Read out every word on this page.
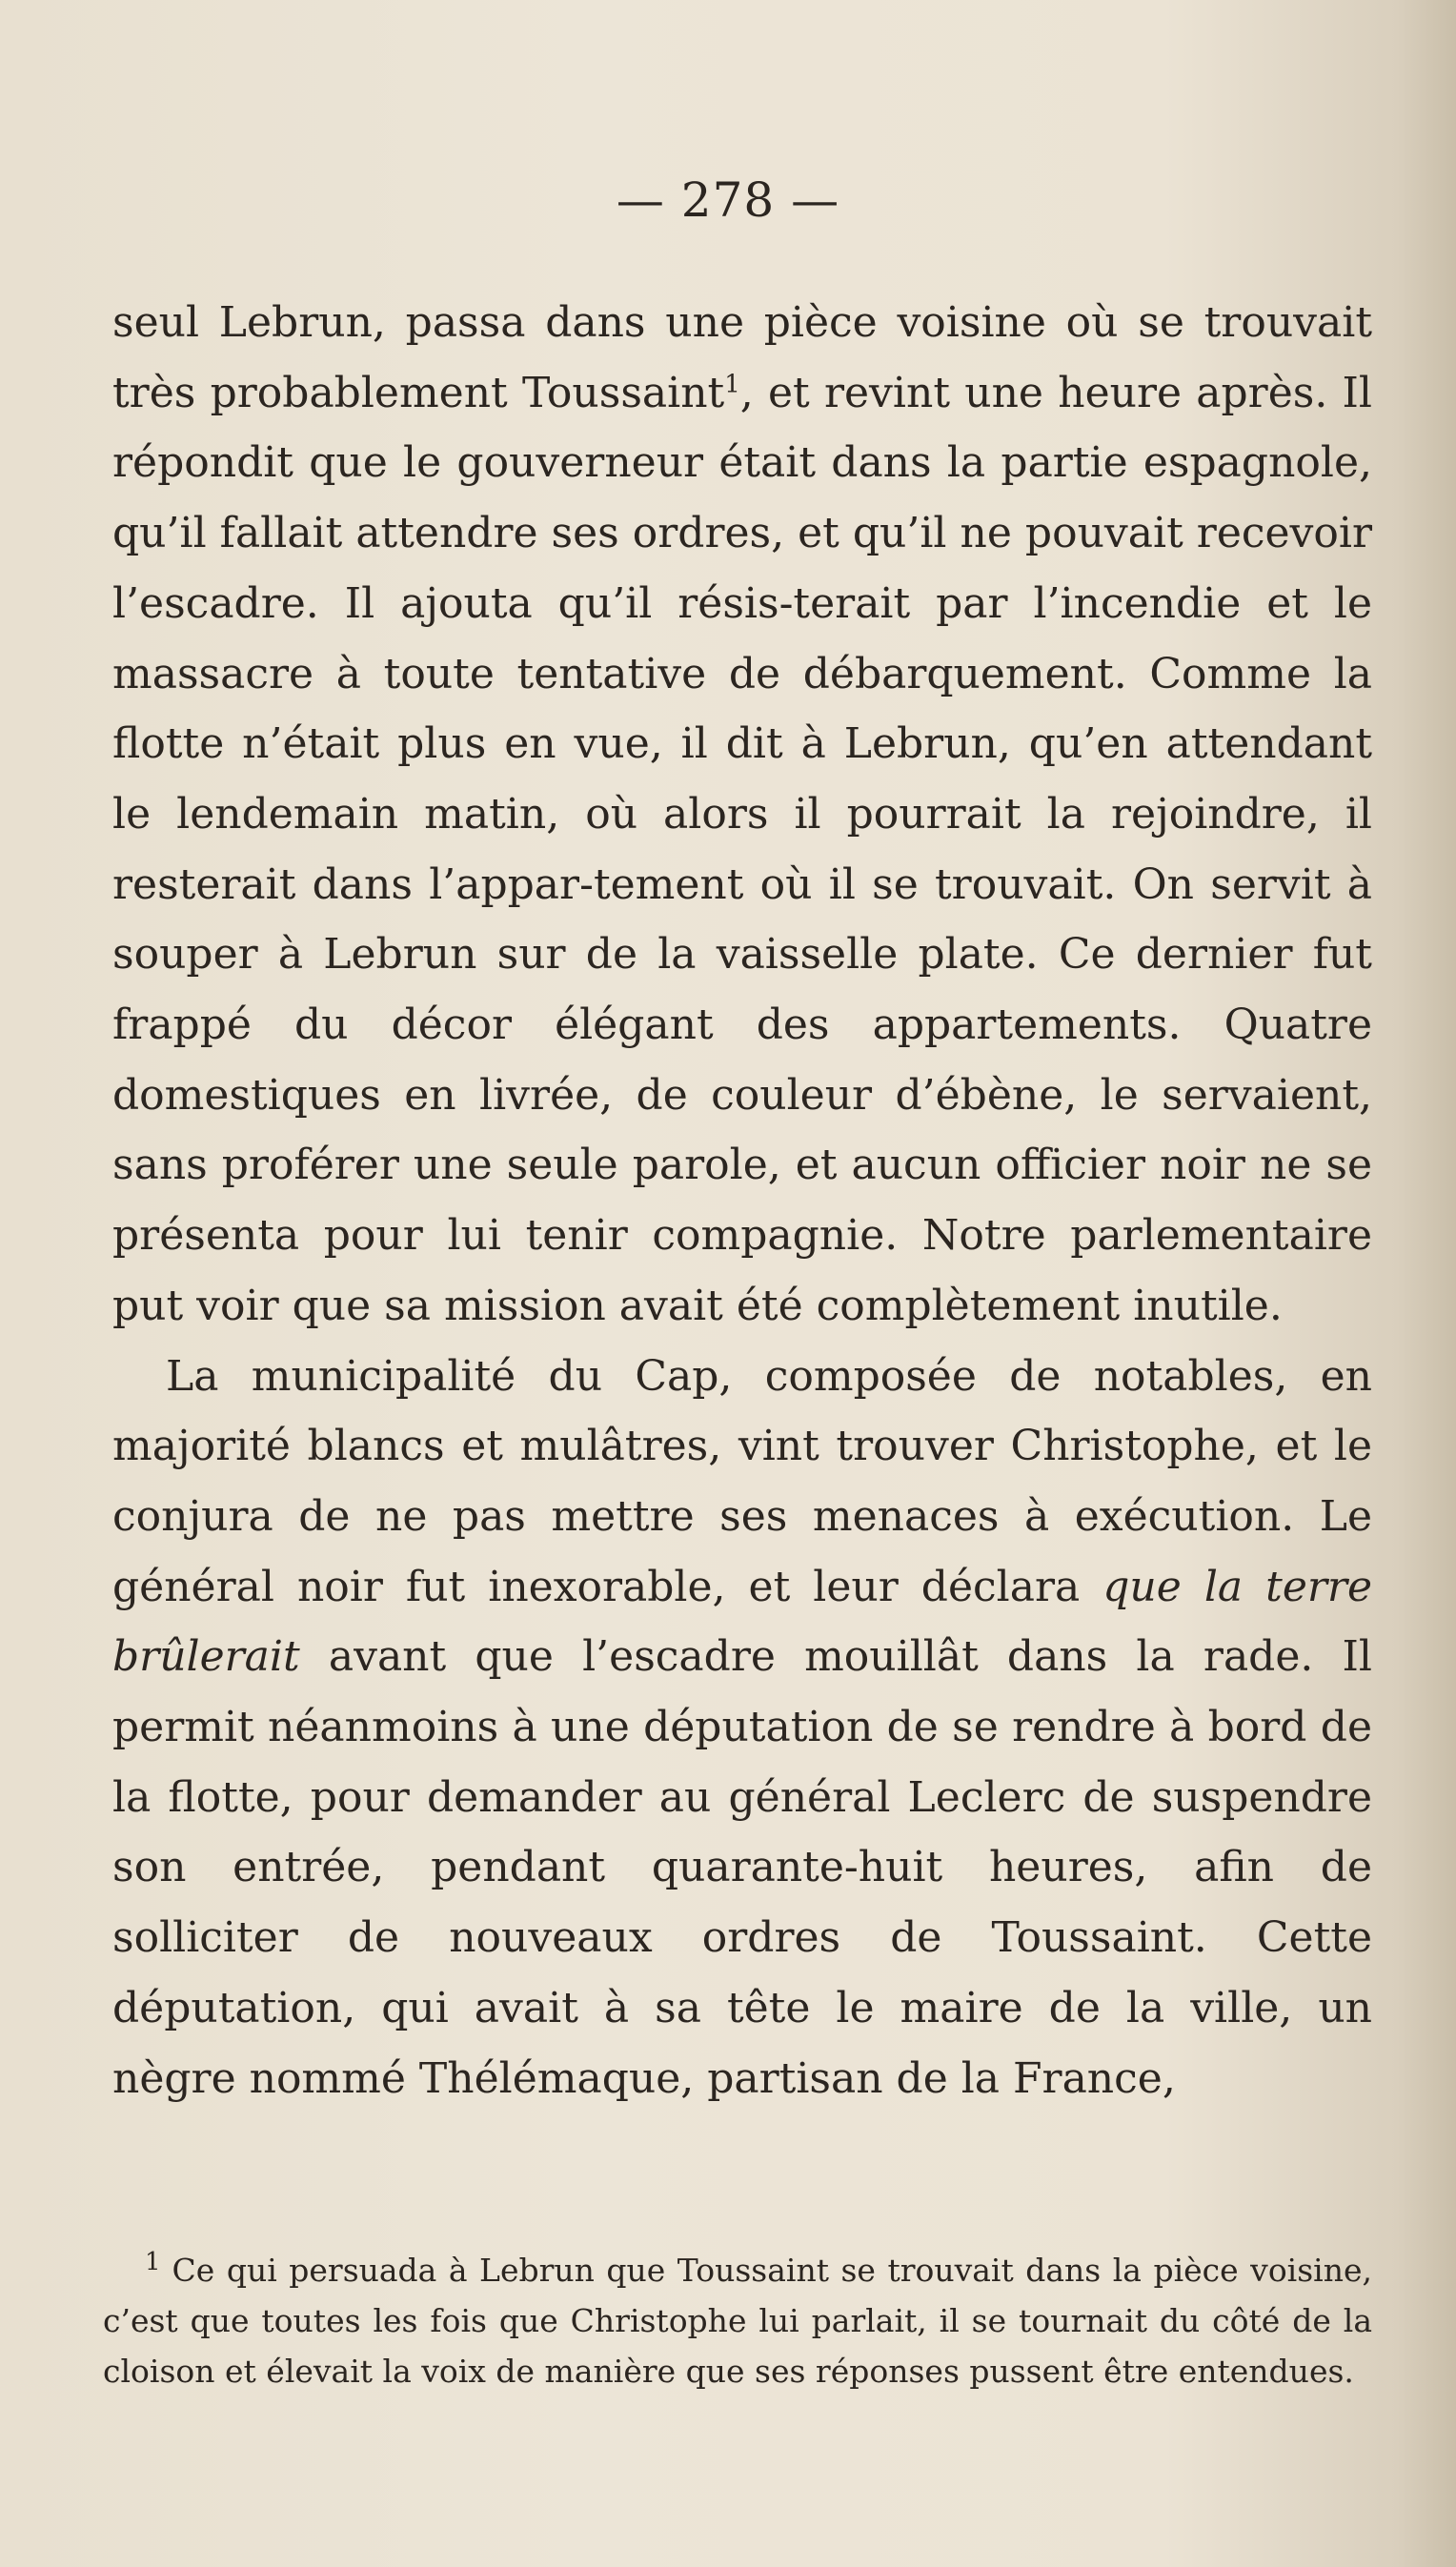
— 278 —

seul Lebrun, passa dans une pièce voisine où se trouvait très probablement Toussaint$^1$, et revint une heure après. Il répondit que le gouverneur était dans la partie espagnole, qu’il fallait attendre ses ordres, et qu’il ne pouvait recevoir l’escadre. Il ajouta qu’il résis-terait par l’incendie et le massacre à toute tentative de débarquement. Comme la flotte n’était plus en vue, il dit à Lebrun, qu’en attendant le lendemain matin, où alors il pourrait la rejoindre, il resterait dans l’appar-tement où il se trouvait. On servit à souper à Lebrun sur de la vaisselle plate. Ce dernier fut frappé du décor élégant des appartements. Quatre domestiques en livrée, de couleur d’ébène, le servaient, sans proférer une seule parole, et aucun officier noir ne se présenta pour lui tenir compagnie. Notre parlementaire put voir que sa mission avait été complètement inutile.

La municipalité du Cap, composée de notables, en majorité blancs et mulâtres, vint trouver Christophe, et le conjura de ne pas mettre ses menaces à exécution. Le général noir fut inexorable, et leur déclara que la terre brûlerait avant que l’escadre mouillât dans la rade. Il permit néanmoins à une députation de se rendre à bord de la flotte, pour demander au général Leclerc de suspendre son entrée, pendant quarante-huit heures, afin de solliciter de nouveaux ordres de Toussaint. Cette députation, qui avait à sa tête le maire de la ville, un nègre nommé Thélémaque, partisan de la France,

$^1$ Ce qui persuada à Lebrun que Toussaint se trouvait dans la pièce voisine, c’est que toutes les fois que Christophe lui parlait, il se tournait du côté de la cloison et élevait la voix de manière que ses réponses pussent être entendues.
